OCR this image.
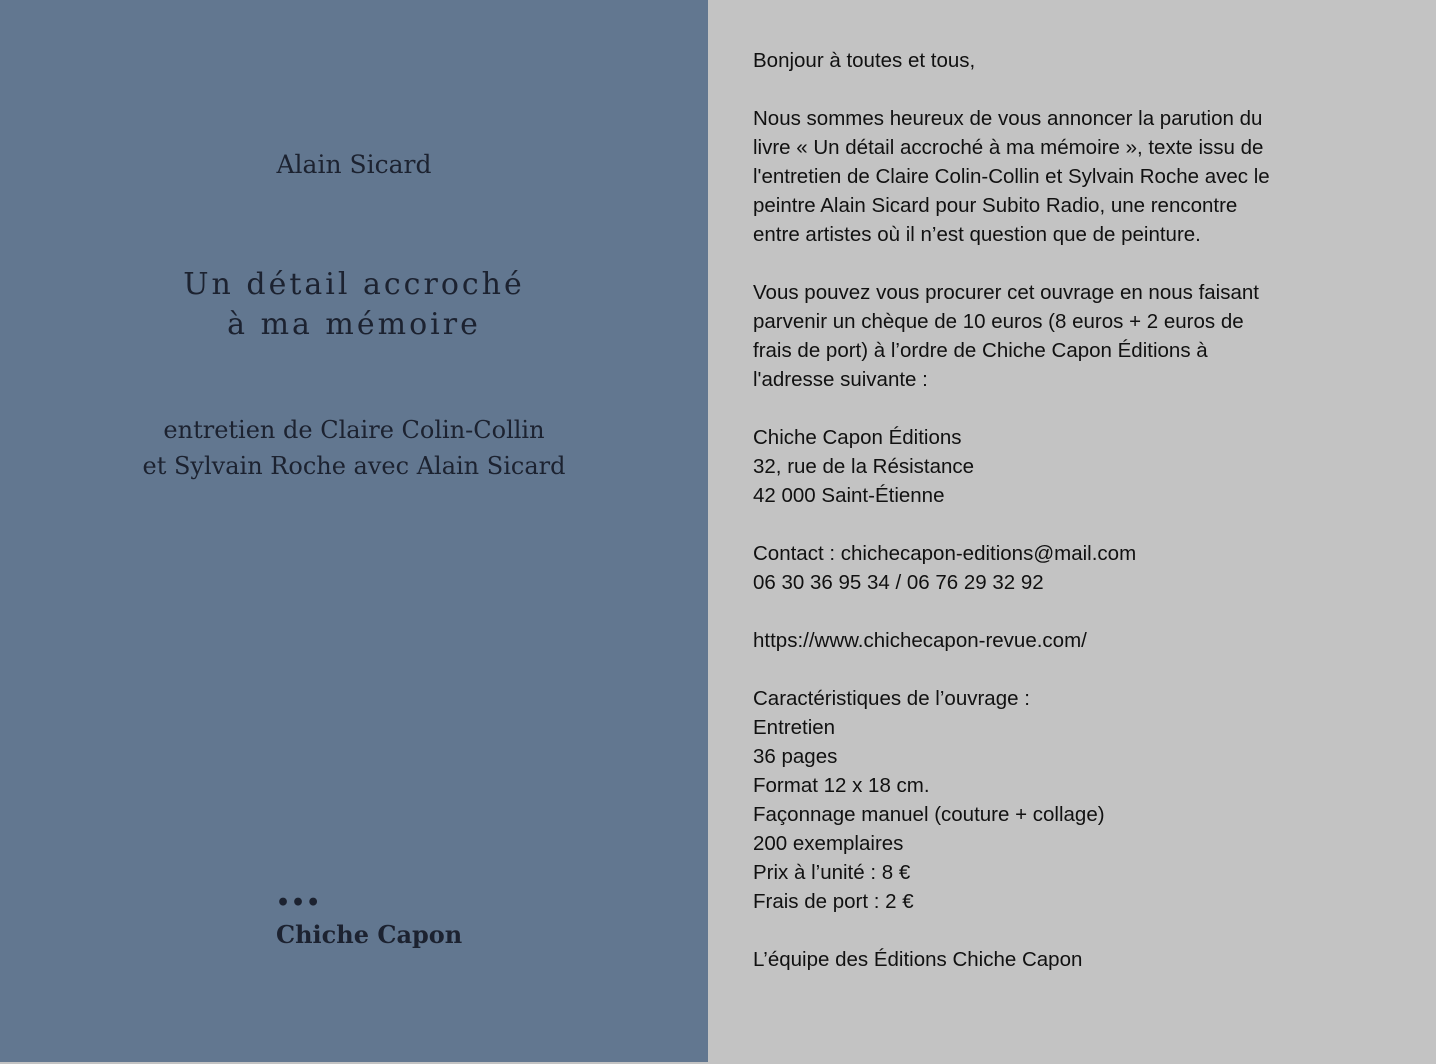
Alain Sicard
Un détail accroché
à ma mémoire
entretien de Claire Colin-Collin
et Sylvain Roche avec Alain Sicard
•••
Chiche Capon

Bonjour à toutes et tous,

Nous sommes heureux de vous annoncer la parution du
livre « Un détail accroché à ma mémoire », texte issu de
l'entretien de Claire Colin-Collin et Sylvain Roche avec le
peintre Alain Sicard pour Subito Radio, une rencontre
entre artistes où il n’est question que de peinture.

Vous pouvez vous procurer cet ouvrage en nous faisant
parvenir un chèque de 10 euros (8 euros + 2 euros de
frais de port) à l’ordre de Chiche Capon Éditions à
l'adresse suivante :

Chiche Capon Éditions
32, rue de la Résistance
42 000 Saint-Étienne

Contact : chichecapon-editions@mail.com
06 30 36 95 34 / 06 76 29 32 92

https://www.chichecapon-revue.com/

Caractéristiques de l’ouvrage :
Entretien
36 pages
Format 12 x 18 cm.
Façonnage manuel (couture + collage)
200 exemplaires
Prix à l’unité : 8 €
Frais de port : 2 €

L’équipe des Éditions Chiche Capon
